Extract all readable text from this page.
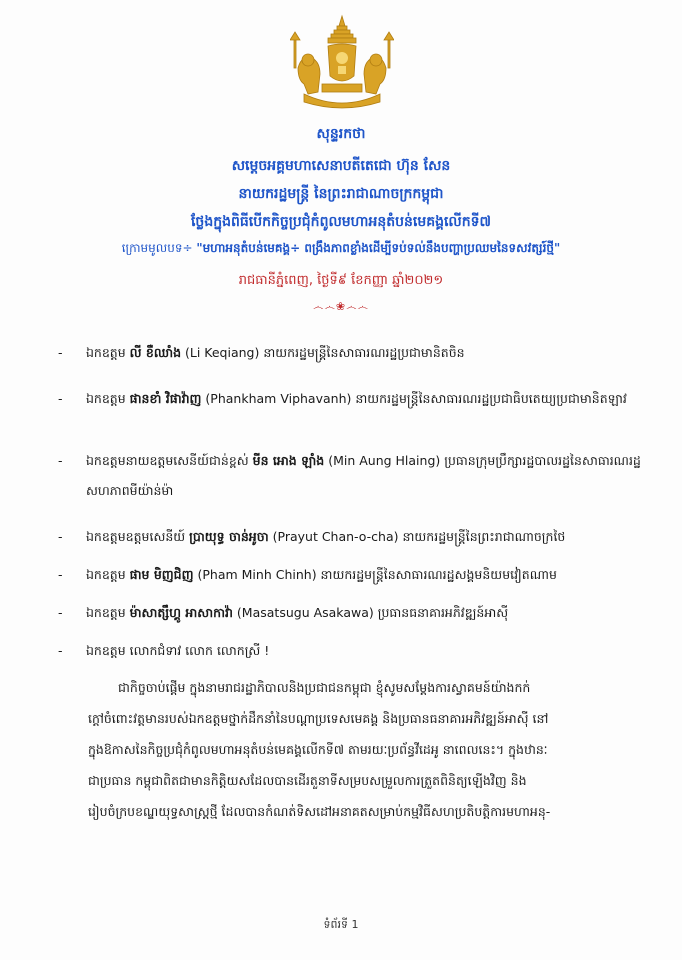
សុន្ទរកថា
សម្តេចអគ្គមហាសេនាបតីតេជោ ហ៊ុន សែន
នាយករដ្ឋមន្ត្រី នៃព្រះរាជាណាចក្រកម្ពុជា
ថ្លែងក្នុងពិធីបើកកិច្ចប្រជុំកំពូលមហាអនុតំបន់មេគង្គលើកទី៧
ក្រោមមូលបទ÷ "មហាអនុតំបន់មេគង្គ÷ ពង្រឹងភាពខ្លាំងដើម្បីទប់ទល់នឹងបញ្ហាប្រឈមនៃទសវត្សរ៍ថ្មី"
រាជធានីភ្នំពេញ, ថ្ងៃទី៩ ខែកញ្ញា ឆ្នាំ២០២១
෴෴❀෴෴
- ឯកឧត្តម លី ខឺឈាំង (Li Keqiang) នាយករដ្ឋមន្ត្រីនៃសាធារណរដ្ឋប្រជាមានិតចិន
- ឯកឧត្តម ផានខាំ វិផាវ៉ាញ (Phankham Viphavanh) នាយករដ្ឋមន្ត្រីនៃសាធារណរដ្ឋប្រជាធិបតេយ្យប្រជាមានិតឡាវ
- ឯកឧត្តមនាយឧត្តមសេនីយ៍ជាន់ខ្ពស់ មីន អោង ឡាំង (Min Aung Hlaing) ប្រធានក្រុមប្រឹក្សារដ្ឋបាលរដ្ឋនៃសាធារណរដ្ឋសហភាពមីយ៉ាន់ម៉ា
- ឯកឧត្តមឧត្តមសេនីយ៍ ប្រាយុទ្ធ ចាន់អូចា (Prayut Chan-o-cha) នាយករដ្ឋមន្ត្រីនៃព្រះរាជាណាចក្រថៃ
- ឯកឧត្តម ផាម មិញជិញ (Pham Minh Chinh) នាយករដ្ឋមន្ត្រីនៃសាធារណរដ្ឋសង្គមនិយមវៀតណាម
- ឯកឧត្តម ម៉ាសាត្សឹហ្គូ អាសាកាវ៉ា (Masatsugu Asakawa) ប្រធានធនាគារអភិវឌ្ឍន៍អាស៊ី
- ឯកឧត្តម លោកជំទាវ លោក លោកស្រី !
ជាកិច្ចចាប់ផ្តើម ក្នុងនាមរាជរដ្ឋាភិបាលនិងប្រជាជនកម្ពុជា ខ្ញុំសូមសម្តែងការស្វាគមន៍យ៉ាងកក់
ក្តៅចំពោះវត្តមានរបស់ឯកឧត្តមថ្នាក់ដឹកនាំនៃបណ្តាប្រទេសមេគង្គ និងប្រធានធនាគារអភិវឌ្ឍន៍អាស៊ី នៅ
ក្នុងឱកាសនៃកិច្ចប្រជុំកំពូលមហាអនុតំបន់មេគង្គលើកទី៧ តាមរយៈប្រព័ន្ធវីដេអូ នាពេលនេះ។ ក្នុងឋានៈ
ជាប្រធាន កម្ពុជាពិតជាមានកិត្តិយសដែលបានដើរតួនាទីសម្របសម្រួលការត្រួតពិនិត្យឡើងវិញ និង
រៀបចំក្របខណ្ឌយុទ្ធសាស្ត្រថ្មី ដែលបានកំណត់ទិសដៅអនាគតសម្រាប់កម្មវិធីសហប្រតិបត្តិការមហាអនុ-
ទំព័រទី 1
